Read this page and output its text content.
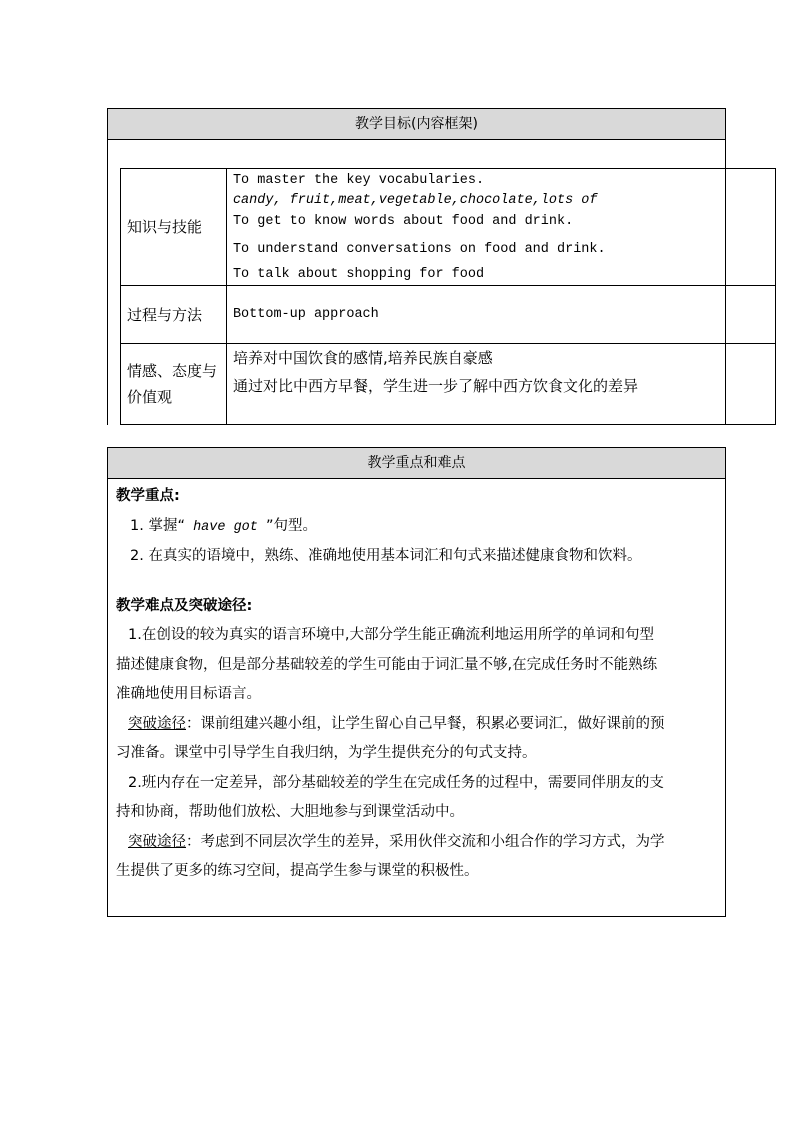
教学目标(内容框架)
知识与技能	To master the key vocabularies.
candy, fruit,meat,vegetable,chocolate,lots of
To get to know words about food and drink.
To understand conversations on food and drink.
To talk about shopping for food	

过程与方法	Bottom-up approach	

情感、态度与
价值观	培养对中国饮食的感情,培养民族自豪感
通过对比中西方早餐，学生进一步了解中西方饮食文化的差异	

教学重点和难点

教学重点:

1. 掌握“ have got ”句型。

2. 在真实的语境中，熟练、准确地使用基本词汇和句式来描述健康食物和饮料。

教学难点及突破途径:

1.在创设的较为真实的语言环境中,大部分学生能正确流利地运用所学的单词和句型
描述健康食物，但是部分基础较差的学生可能由于词汇量不够,在完成任务时不能熟练
准确地使用目标语言。

突破途径：课前组建兴趣小组，让学生留心自己早餐，积累必要词汇，做好课前的预
习准备。课堂中引导学生自我归纳，为学生提供充分的句式支持。

2.班内存在一定差异，部分基础较差的学生在完成任务的过程中，需要同伴朋友的支
持和协商，帮助他们放松、大胆地参与到课堂活动中。

突破途径：考虑到不同层次学生的差异，采用伙伴交流和小组合作的学习方式，为学
生提供了更多的练习空间，提高学生参与课堂的积极性。
